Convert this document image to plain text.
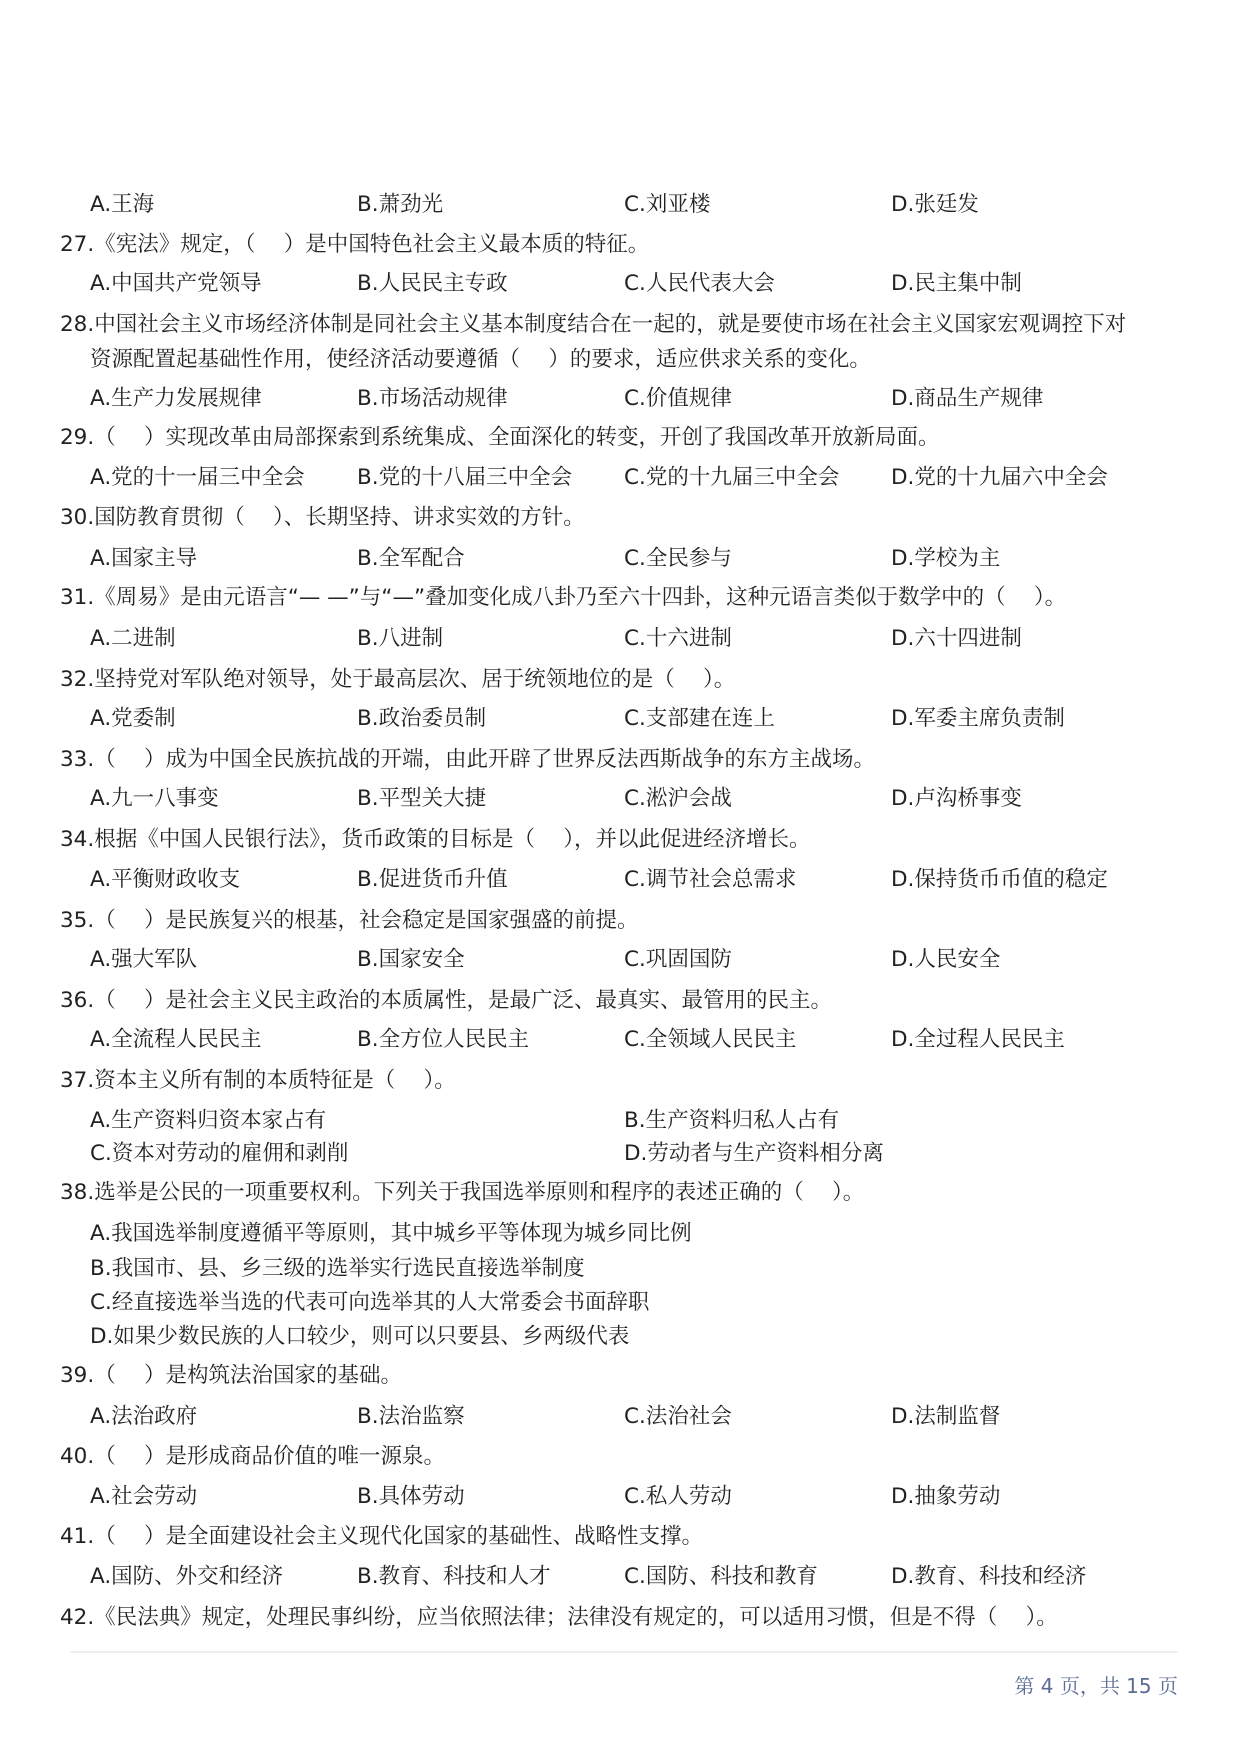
A.王海	B.萧劲光	C.刘亚楼	D.张廷发
27.《宪法》规定，（　 ）是中国特色社会主义最本质的特征。
A.中国共产党领导	B.人民民主专政	C.人民代表大会	D.民主集中制
28.中国社会主义市场经济体制是同社会主义基本制度结合在一起的，就是要使市场在社会主义国家宏观调控下对
资源配置起基础性作用，使经济活动要遵循（　 ）的要求，适应供求关系的变化。
A.生产力发展规律	B.市场活动规律	C.价值规律	D.商品生产规律
29.（　 ）实现改革由局部探索到系统集成、全面深化的转变，开创了我国改革开放新局面。
A.党的十一届三中全会 B.党的十八届三中全会 C.党的十九届三中全会 D.党的十九届六中全会
30.国防教育贯彻（　 ）、长期坚持、讲求实效的方针。
A.国家主导	B.全军配合	C.全民参与	D.学校为主
31.《周易》是由元语言“— —”与“—”叠加变化成八卦乃至六十四卦，这种元语言类似于数学中的（　 ）。
A.二进制	B.八进制	C.十六进制	D.六十四进制
32.坚持党对军队绝对领导，处于最高层次、居于统领地位的是（　 ）。
A.党委制	B.政治委员制	C.支部建在连上	D.军委主席负责制
33.（　 ）成为中国全民族抗战的开端，由此开辟了世界反法西斯战争的东方主战场。
A.九一八事变	B.平型关大捷	C.淞沪会战	D.卢沟桥事变
34.根据《中国人民银行法》，货币政策的目标是（　 ），并以此促进经济增长。
A.平衡财政收支	B.促进货币升值	C.调节社会总需求	D.保持货币币值的稳定
35.（　 ）是民族复兴的根基，社会稳定是国家强盛的前提。
A.强大军队	B.国家安全	C.巩固国防	D.人民安全
36.（　 ）是社会主义民主政治的本质属性，是最广泛、最真实、最管用的民主。
A.全流程人民民主	B.全方位人民民主	C.全领域人民民主	D.全过程人民民主
37.资本主义所有制的本质特征是（　 ）。
A.生产资料归资本家占有	B.生产资料归私人占有
C.资本对劳动的雇佣和剥削	D.劳动者与生产资料相分离
38.选举是公民的一项重要权利。下列关于我国选举原则和程序的表述正确的（　 ）。
A.我国选举制度遵循平等原则，其中城乡平等体现为城乡同比例
B.我国市、县、乡三级的选举实行选民直接选举制度
C.经直接选举当选的代表可向选举其的人大常委会书面辞职
D.如果少数民族的人口较少，则可以只要县、乡两级代表
39.（　 ）是构筑法治国家的基础。
A.法治政府	B.法治监察	C.法治社会	D.法制监督
40.（　 ）是形成商品价值的唯一源泉。
A.社会劳动	B.具体劳动	C.私人劳动	D.抽象劳动
41.（　 ）是全面建设社会主义现代化国家的基础性、战略性支撑。
A.国防、外交和经济	B.教育、科技和人才	C.国防、科技和教育	D.教育、科技和经济
42.《民法典》规定，处理民事纠纷，应当依照法律；法律没有规定的，可以适用习惯，但是不得（　 ）。
第 4 页，共 15 页
